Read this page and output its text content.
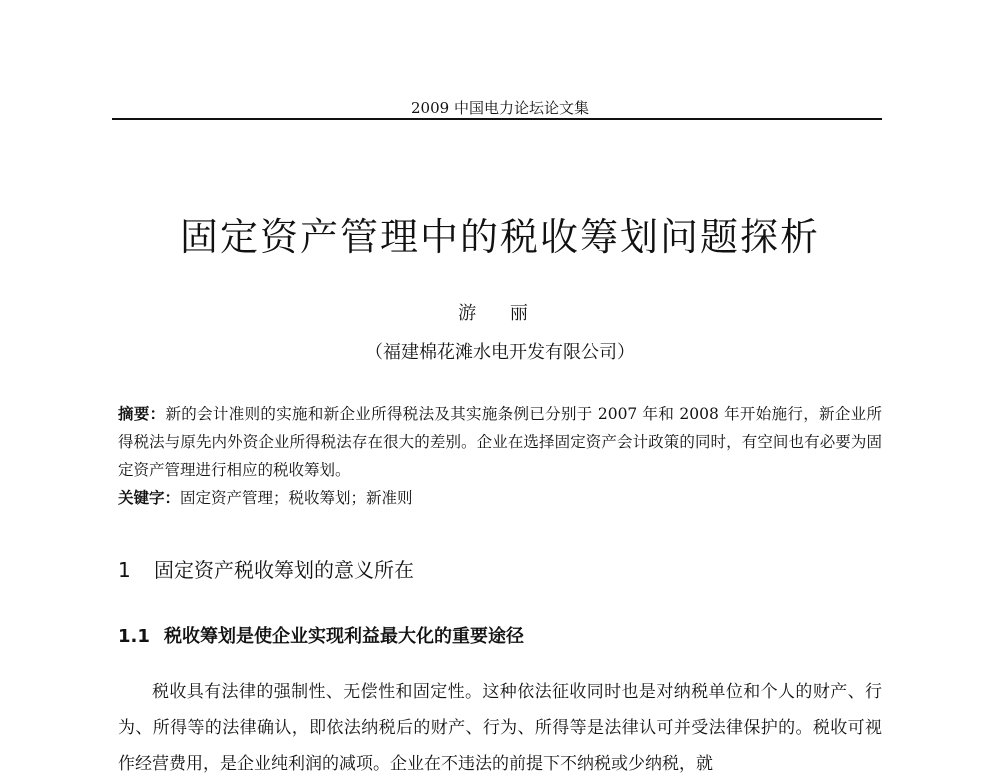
2009 中国电力论坛论文集
固定资产管理中的税收筹划问题探析
游 丽
（福建棉花滩水电开发有限公司）
摘要：新的会计准则的实施和新企业所得税法及其实施条例已分别于 2007 年和 2008 年开始施行，新企业所得税法与原先内外资企业所得税法存在很大的差别。企业在选择固定资产会计政策的同时，有空间也有必要为固定资产管理进行相应的税收筹划。
关键字：固定资产管理；税收筹划；新准则
1 固定资产税收筹划的意义所在
1.1 税收筹划是使企业实现利益最大化的重要途径
税收具有法律的强制性、无偿性和固定性。这种依法征收同时也是对纳税单位和个人的财产、行为、所得等的法律确认，即依法纳税后的财产、行为、所得等是法律认可并受法律保护的。税收可视作经营费用，是企业纯利润的减项。企业在不违法的前提下不纳税或少纳税，就
